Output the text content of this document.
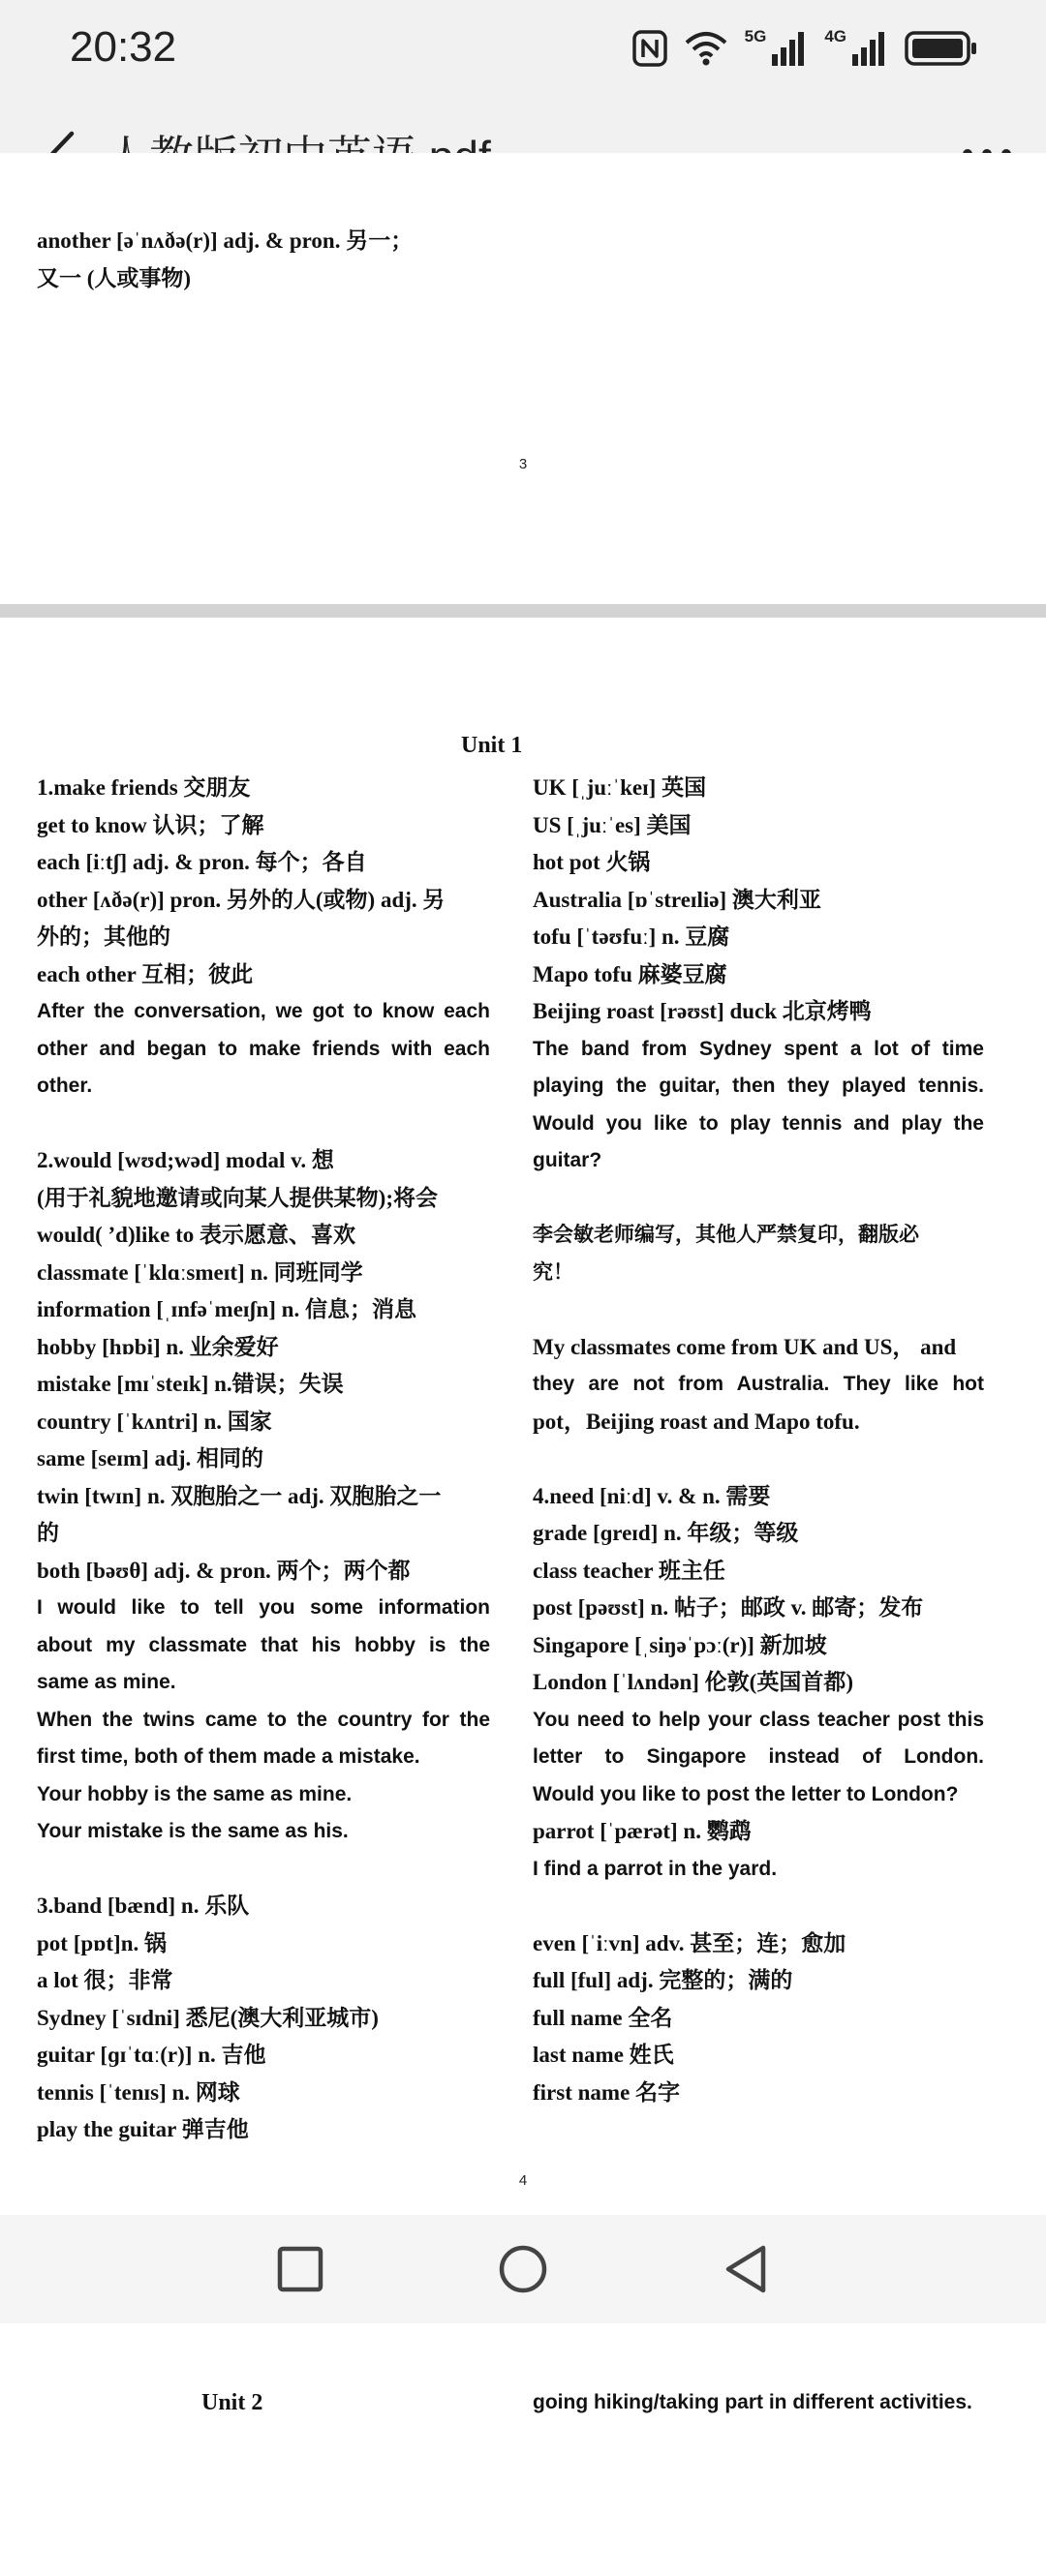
20:32	5G	4G
another [əˈnʌðə(r)] adj. & pron. 另一；
又一 (人或事物)
3
Unit 1
1.make friends 交朋友
get to know 认识；了解
each [iːtʃ] adj. & pron. 每个；各自
other [ʌðə(r)] pron. 另外的人(或物) adj. 另
外的；其他的
each other 互相；彼此
After the conversation, we got to know each
other and began to make friends with each
other.
2.would [wʊd;wəd] modal v. 想
(用于礼貌地邀请或向某人提供某物);将会
would( ’d)like to 表示愿意、喜欢
classmate [ˈklɑːsmeɪt] n. 同班同学
information [ˌɪnfəˈmeɪʃn] n. 信息；消息
hobby [hɒbi] n. 业余爱好
mistake [mɪˈsteɪk] n.错误；失误
country [ˈkʌntri] n. 国家
same [seɪm] adj. 相同的
twin [twɪn] n. 双胞胎之一 adj. 双胞胎之一
的
both [bəʊθ] adj. & pron. 两个；两个都
I would like to tell you some information
about my classmate that his hobby is the
same as mine.
When the twins came to the country for the
first time, both of them made a mistake.
Your hobby is the same as mine.
Your mistake is the same as his.
3.band [bænd] n. 乐队
pot [pɒt]n. 锅
a lot 很；非常
Sydney [ˈsɪdni] 悉尼(澳大利亚城市)
guitar [ɡɪˈtɑː(r)] n. 吉他
tennis [ˈtenɪs] n. 网球
play the guitar 弹吉他
UK [ˌjuːˈkeɪ] 英国
US [ˌjuːˈes] 美国
hot pot 火锅
Australia [ɒˈstreɪliə] 澳大利亚
tofu [ˈtəʊfuː] n. 豆腐
Mapo tofu 麻婆豆腐
Beijing roast [rəʊst] duck 北京烤鸭
The band from Sydney spent a lot of time
playing the guitar, then they played tennis.
Would you like to play tennis and play the
guitar?
李会敏老师编写，其他人严禁复印，翻版必
究！
My classmates come from UK and US， and
they are not from Australia. They like hot
pot，Beijing roast and Mapo tofu.
4.need [niːd] v. & n. 需要
grade [ɡreɪd] n. 年级；等级
class teacher 班主任
post [pəʊst] n. 帖子；邮政 v. 邮寄；发布
Singapore [ˌsiŋəˈpɔː(r)] 新加坡
London [ˈlʌndən] 伦敦(英国首都)
You need to help your class teacher post this
letter to Singapore instead of London.
Would you like to post the letter to London?
parrot [ˈpærət] n. 鹦鹉
I find a parrot in the yard.
even [ˈiːvn] adv. 甚至；连；愈加
full [ful] adj. 完整的；满的
full name 全名
last name 姓氏
first name 名字
4
Unit 2	going hiking/taking part in different activities.
